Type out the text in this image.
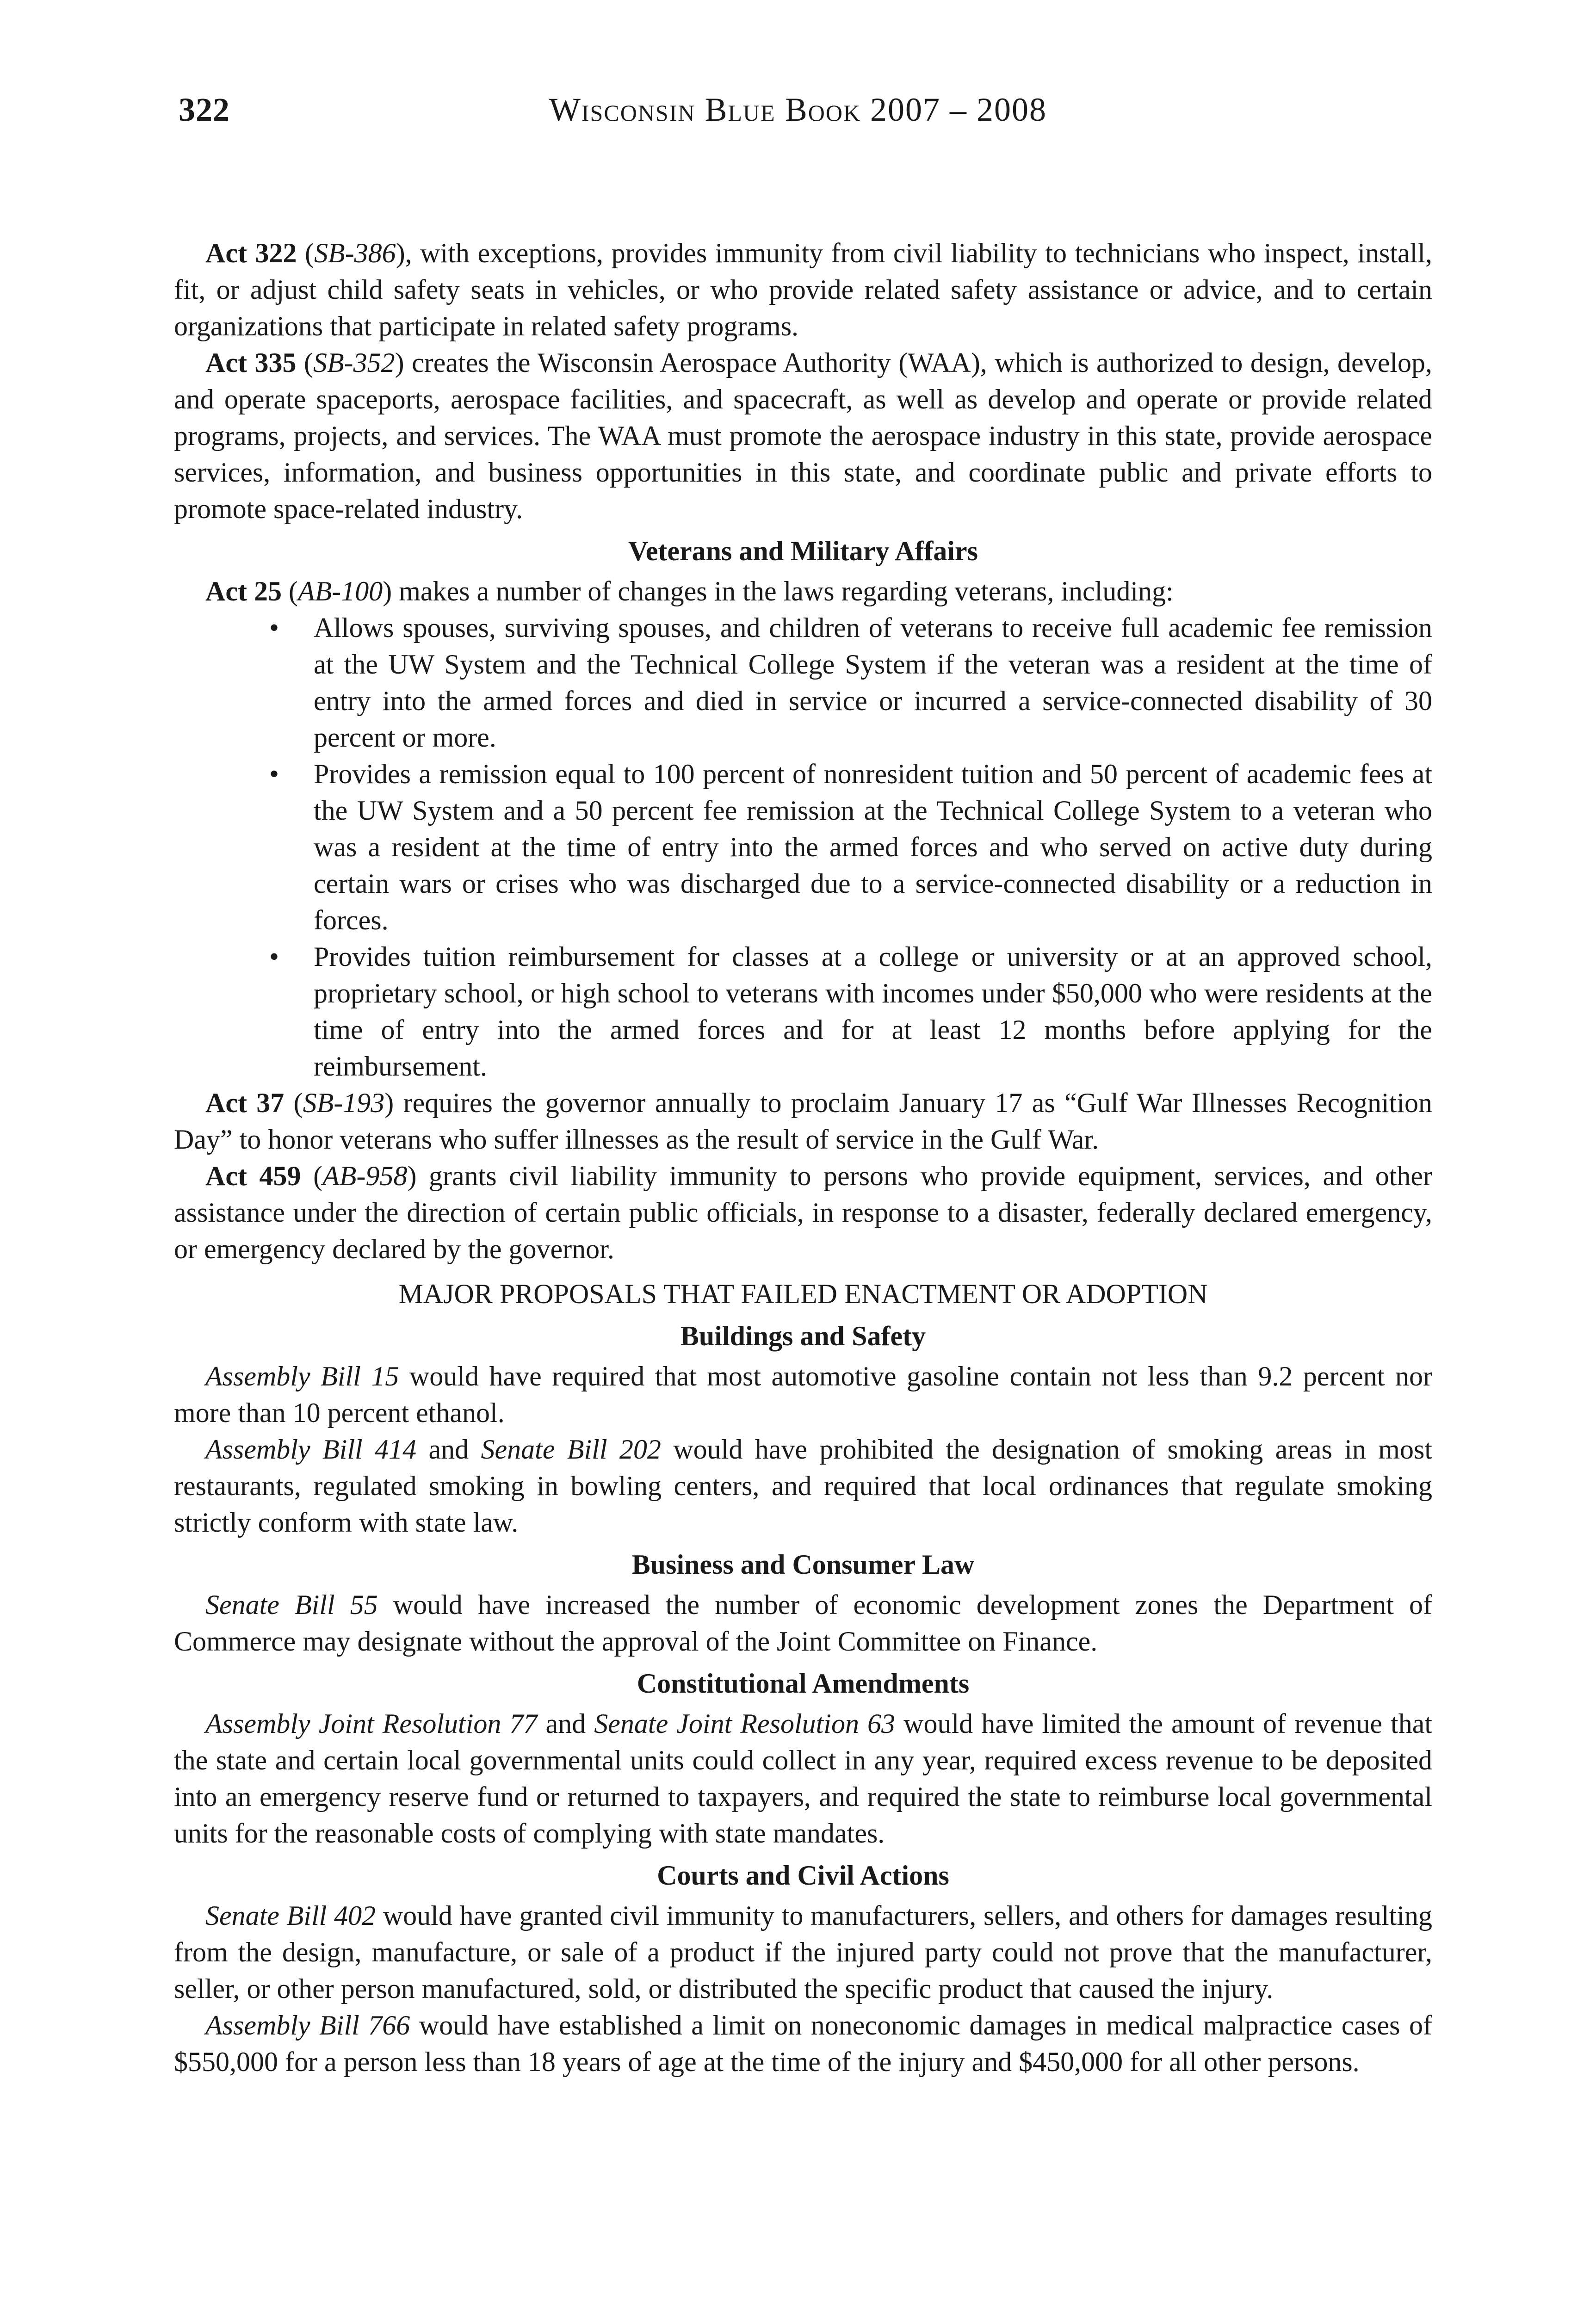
322	Wisconsin Blue Book 2007 – 2008

Act 322 (SB-386), with exceptions, provides immunity from civil liability to technicians who inspect, install, fit, or adjust child safety seats in vehicles, or who provide related safety assistance or advice, and to certain organizations that participate in related safety programs.

Act 335 (SB-352) creates the Wisconsin Aerospace Authority (WAA), which is authorized to design, develop, and operate spaceports, aerospace facilities, and spacecraft, as well as develop and operate or provide related programs, projects, and services. The WAA must promote the aerospace industry in this state, provide aerospace services, information, and business opportunities in this state, and coordinate public and private efforts to promote space-related industry.

Veterans and Military Affairs

Act 25 (AB-100) makes a number of changes in the laws regarding veterans, including:

• Allows spouses, surviving spouses, and children of veterans to receive full academic fee remission at the UW System and the Technical College System if the veteran was a resident at the time of entry into the armed forces and died in service or incurred a service-connected disability of 30 percent or more.
• Provides a remission equal to 100 percent of nonresident tuition and 50 percent of academic fees at the UW System and a 50 percent fee remission at the Technical College System to a veteran who was a resident at the time of entry into the armed forces and who served on active duty during certain wars or crises who was discharged due to a service-connected disability or a reduction in forces.
• Provides tuition reimbursement for classes at a college or university or at an approved school, proprietary school, or high school to veterans with incomes under $50,000 who were residents at the time of entry into the armed forces and for at least 12 months before applying for the reimbursement.

Act 37 (SB-193) requires the governor annually to proclaim January 17 as “Gulf War Illnesses Recognition Day” to honor veterans who suffer illnesses as the result of service in the Gulf War.

Act 459 (AB-958) grants civil liability immunity to persons who provide equipment, services, and other assistance under the direction of certain public officials, in response to a disaster, federally declared emergency, or emergency declared by the governor.

MAJOR PROPOSALS THAT FAILED ENACTMENT OR ADOPTION
Buildings and Safety

Assembly Bill 15 would have required that most automotive gasoline contain not less than 9.2 percent nor more than 10 percent ethanol.

Assembly Bill 414 and Senate Bill 202 would have prohibited the designation of smoking areas in most restaurants, regulated smoking in bowling centers, and required that local ordinances that regulate smoking strictly conform with state law.

Business and Consumer Law

Senate Bill 55 would have increased the number of economic development zones the Department of Commerce may designate without the approval of the Joint Committee on Finance.

Constitutional Amendments

Assembly Joint Resolution 77 and Senate Joint Resolution 63 would have limited the amount of revenue that the state and certain local governmental units could collect in any year, required excess revenue to be deposited into an emergency reserve fund or returned to taxpayers, and required the state to reimburse local governmental units for the reasonable costs of complying with state mandates.

Courts and Civil Actions

Senate Bill 402 would have granted civil immunity to manufacturers, sellers, and others for damages resulting from the design, manufacture, or sale of a product if the injured party could not prove that the manufacturer, seller, or other person manufactured, sold, or distributed the specific product that caused the injury.

Assembly Bill 766 would have established a limit on noneconomic damages in medical malpractice cases of $550,000 for a person less than 18 years of age at the time of the injury and $450,000 for all other persons.
